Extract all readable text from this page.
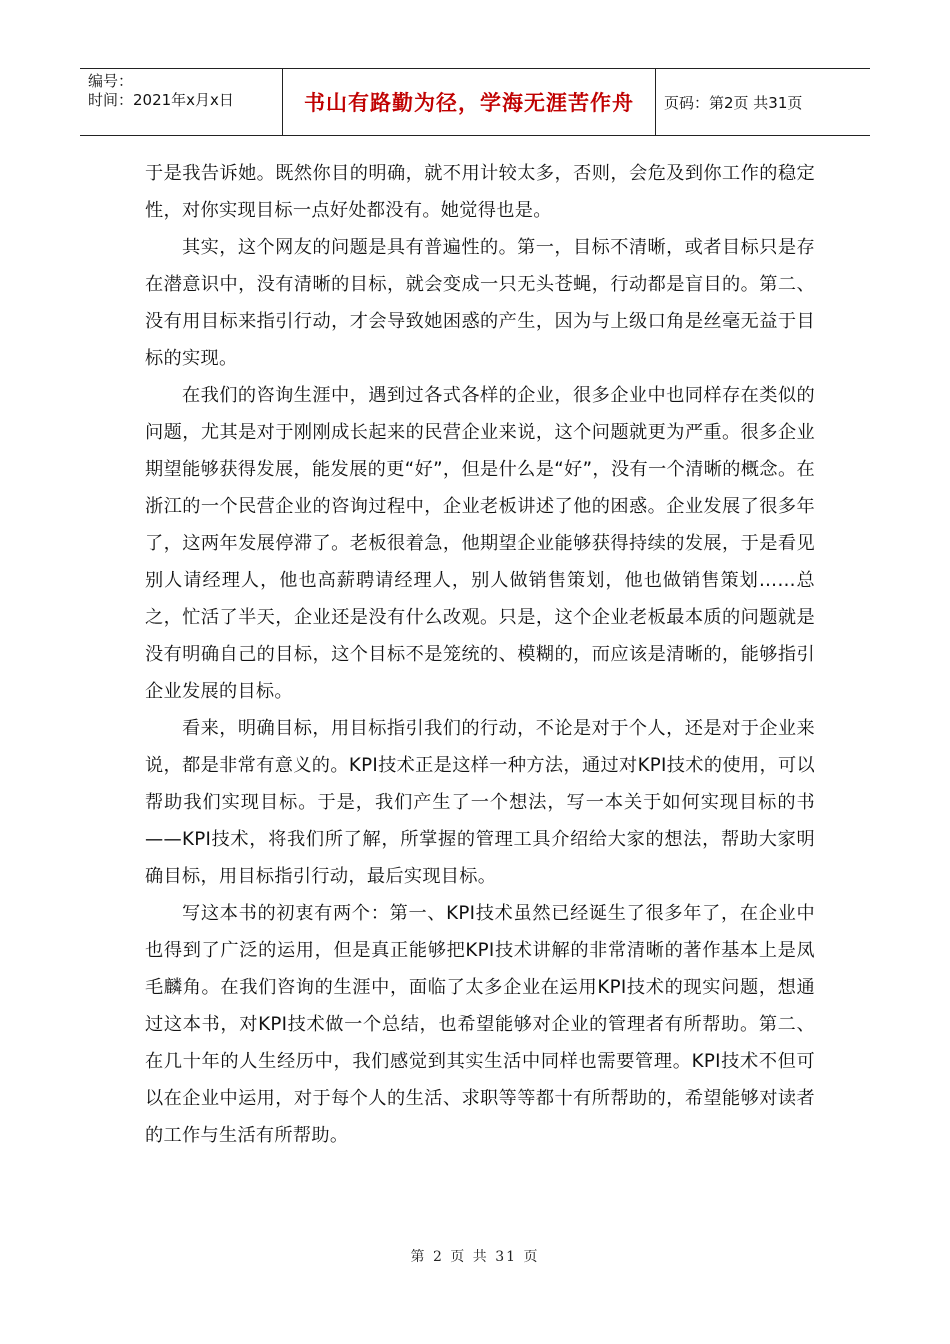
编号：
时间：2021年x月x日	书山有路勤为径，学海无涯苦作舟 页码：第2页 共31页

于是我告诉她。既然你目的明确，就不用计较太多，否则，会危及到你工作的稳定性，对你实现目标一点好处都没有。她觉得也是。

其实，这个网友的问题是具有普遍性的。第一，目标不清晰，或者目标只是存在潜意识中，没有清晰的目标，就会变成一只无头苍蝇，行动都是盲目的。第二、没有用目标来指引行动，才会导致她困惑的产生，因为与上级口角是丝毫无益于目标的实现。

在我们的咨询生涯中，遇到过各式各样的企业，很多企业中也同样存在类似的问题，尤其是对于刚刚成长起来的民营企业来说，这个问题就更为严重。很多企业期望能够获得发展，能发展的更“好”，但是什么是“好”，没有一个清晰的概念。在浙江的一个民营企业的咨询过程中，企业老板讲述了他的困惑。企业发展了很多年了，这两年发展停滞了。老板很着急，他期望企业能够获得持续的发展，于是看见别人请经理人，他也高薪聘请经理人，别人做销售策划，他也做销售策划……总之，忙活了半天，企业还是没有什么改观。只是，这个企业老板最本质的问题就是没有明确自己的目标，这个目标不是笼统的、模糊的，而应该是清晰的，能够指引企业发展的目标。

看来，明确目标，用目标指引我们的行动，不论是对于个人，还是对于企业来说，都是非常有意义的。KPI技术正是这样一种方法，通过对KPI技术的使用，可以帮助我们实现目标。于是，我们产生了一个想法，写一本关于如何实现目标的书——KPI技术，将我们所了解，所掌握的管理工具介绍给大家的想法，帮助大家明确目标，用目标指引行动，最后实现目标。

写这本书的初衷有两个：第一、KPI技术虽然已经诞生了很多年了，在企业中也得到了广泛的运用，但是真正能够把KPI技术讲解的非常清晰的著作基本上是凤毛麟角。在我们咨询的生涯中，面临了太多企业在运用KPI技术的现实问题，想通过这本书，对KPI技术做一个总结，也希望能够对企业的管理者有所帮助。第二、在几十年的人生经历中，我们感觉到其实生活中同样也需要管理。KPI技术不但可以在企业中运用，对于每个人的生活、求职等等都十有所帮助的，希望能够对读者的工作与生活有所帮助。

第 2 页 共 31 页
